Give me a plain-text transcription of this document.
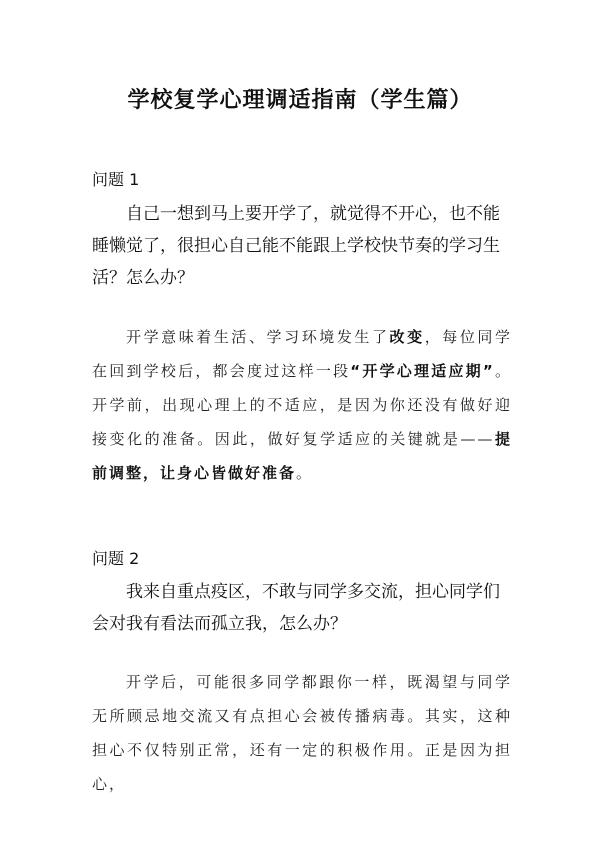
学校复学心理调适指南（学生篇）
问题 1
自己一想到马上要开学了，就觉得不开心，也不能睡懒觉了，很担心自己能不能跟上学校快节奏的学习生活？怎么办？
开学意味着生活、学习环境发生了改变，每位同学在回到学校后，都会度过这样一段“开学心理适应期”。开学前，出现心理上的不适应，是因为你还没有做好迎接变化的准备。因此，做好复学适应的关键就是——提前调整，让身心皆做好准备。
问题 2
我来自重点疫区，不敢与同学多交流，担心同学们会对我有看法而孤立我，怎么办？
开学后，可能很多同学都跟你一样，既渴望与同学无所顾忌地交流又有点担心会被传播病毒。其实，这种担心不仅特别正常，还有一定的积极作用。正是因为担心，
